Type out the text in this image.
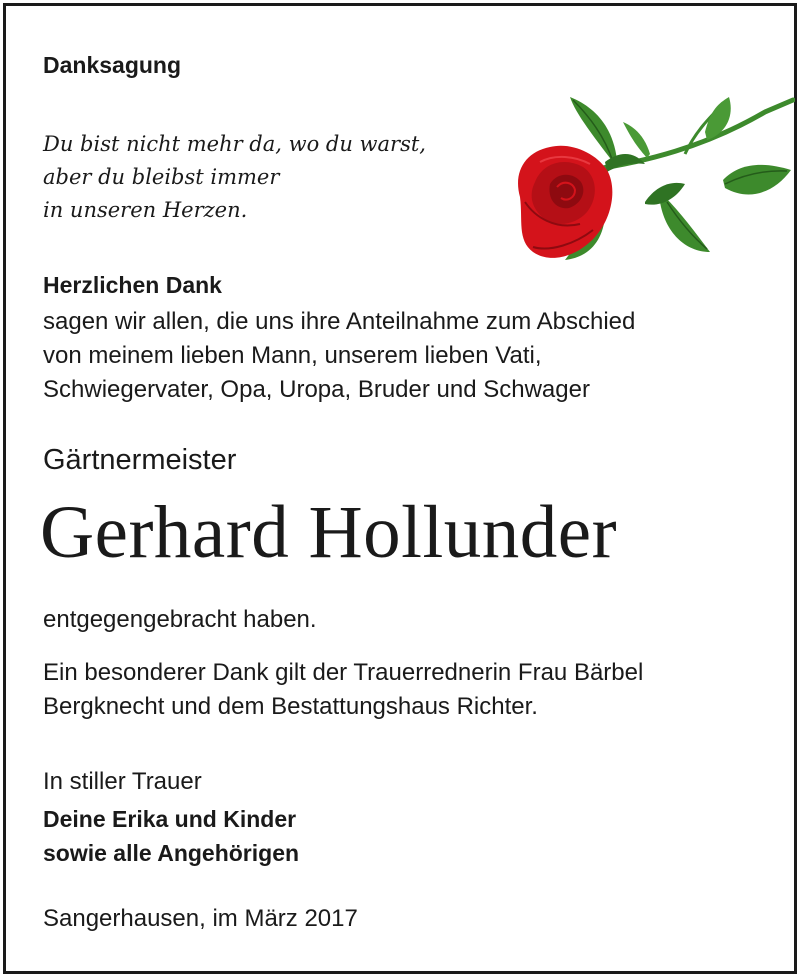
Danksagung
Du bist nicht mehr da, wo du warst,
aber du bleibst immer
in unseren Herzen.
Herzlichen Dank
sagen wir allen, die uns ihre Anteilnahme zum Abschied
von meinem lieben Mann, unserem lieben Vati,
Schwiegervater, Opa, Uropa, Bruder und Schwager
Gärtnermeister
Gerhard Hollunder
entgegengebracht haben.
Ein besonderer Dank gilt der Trauerrednerin Frau Bärbel
Bergknecht und dem Bestattungshaus Richter.
In stiller Trauer
Deine Erika und Kinder
sowie alle Angehörigen
Sangerhausen, im März 2017
